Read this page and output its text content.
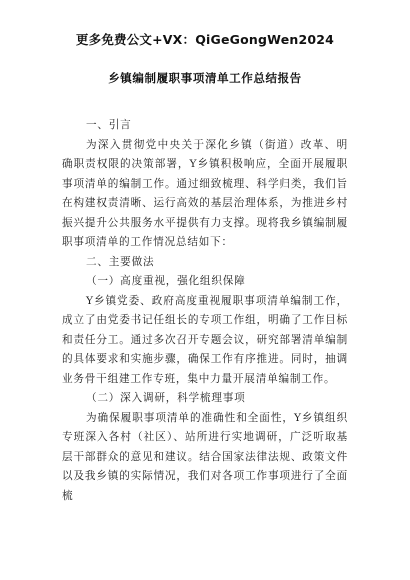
更多免费公文+VX：QiGeGongWen2024
乡镇编制履职事项清单工作总结报告

一、引言

为深入贯彻党中央关于深化乡镇（街道）改革、明确职责权限的决策部署，Y乡镇积极响应，全面开展履职事项清单的编制工作。通过细致梳理、科学归类，我们旨在构建权责清晰、运行高效的基层治理体系，为推进乡村振兴提升公共服务水平提供有力支撑。现将我乡镇编制履职事项清单的工作情况总结如下：

二、主要做法

（一）高度重视，强化组织保障

Y乡镇党委、政府高度重视履职事项清单编制工作，成立了由党委书记任组长的专项工作组，明确了工作目标和责任分工。通过多次召开专题会议，研究部署清单编制的具体要求和实施步骤，确保工作有序推进。同时，抽调业务骨干组建工作专班，集中力量开展清单编制工作。

（二）深入调研，科学梳理事项

为确保履职事项清单的准确性和全面性，Y乡镇组织专班深入各村（社区）、站所进行实地调研，广泛听取基层干部群众的意见和建议。结合国家法律法规、政策文件以及我乡镇的实际情况，我们对各项工作事项进行了全面梳
